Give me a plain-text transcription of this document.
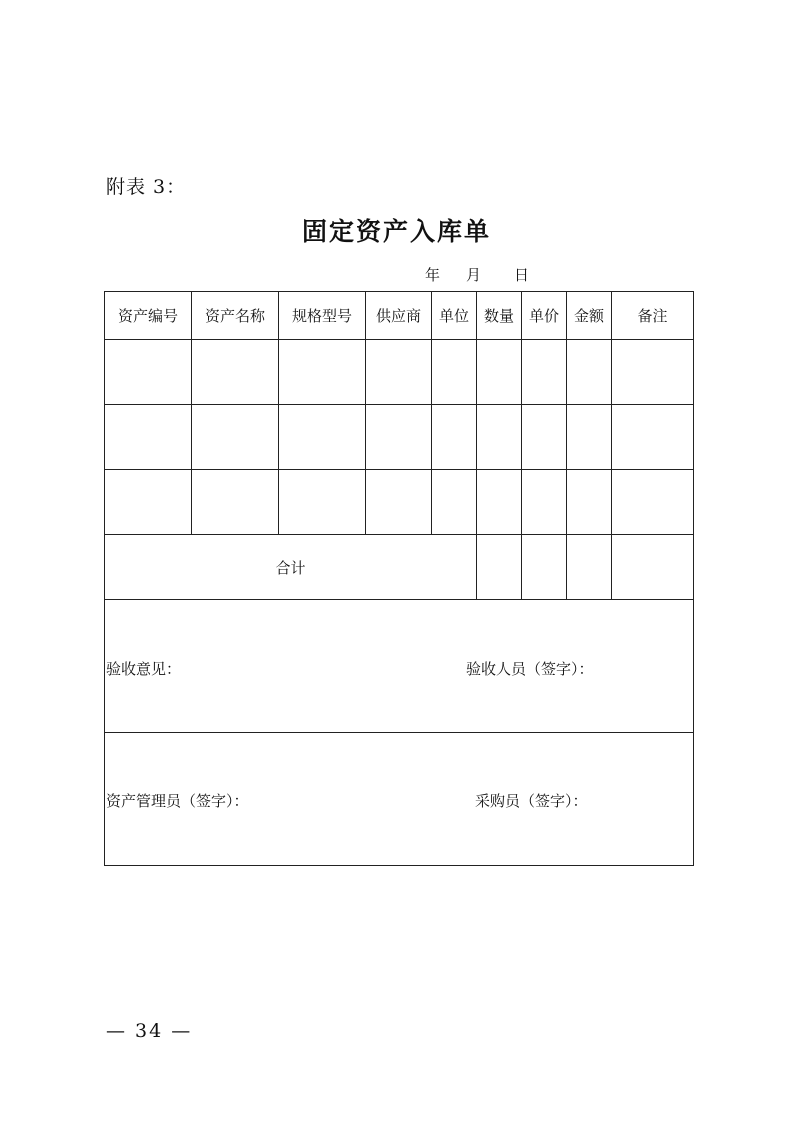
附表 3：
固定资产入库单
年 月 日
资产编号	资产名称	规格型号	供应商	单位	数量	单价	金额	备注

合计								

验收意见： 验收人员（签字）：								

资产管理员（签字）： 采购员（签字）：								
— 34 —
